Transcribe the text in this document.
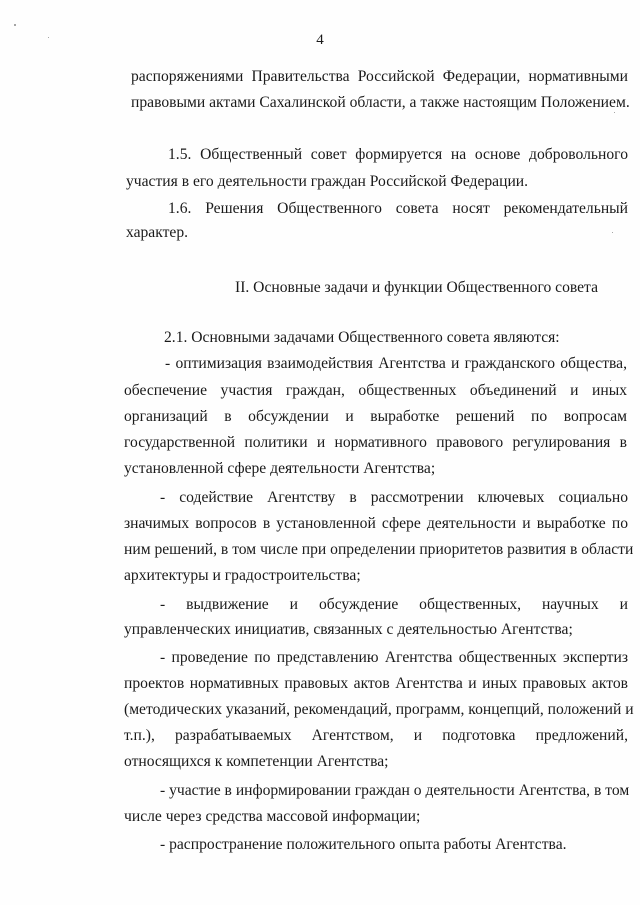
4
распоряжениями Правительства Российской Федерации, нормативными
правовыми актами Сахалинской области, а также настоящим Положением.
1.5. Общественный совет формируется на основе добровольного
участия в его деятельности граждан Российской Федерации.
1.6. Решения Общественного совета носят рекомендательный
характер.
II. Основные задачи и функции Общественного совета
2.1. Основными задачами Общественного совета являются:
- оптимизация взаимодействия Агентства и гражданского общества,
обеспечение участия граждан, общественных объединений и иных
организаций в обсуждении и выработке решений по вопросам
государственной политики и нормативного правового регулирования в
установленной сфере деятельности Агентства;
- содействие Агентству в рассмотрении ключевых социально
значимых вопросов в установленной сфере деятельности и выработке по
ним решений, в том числе при определении приоритетов развития в области
архитектуры и градостроительства;
- выдвижение и обсуждение общественных, научных и
управленческих инициатив, связанных с деятельностью Агентства;
- проведение по представлению Агентства общественных экспертиз
проектов нормативных правовых актов Агентства и иных правовых актов
(методических указаний, рекомендаций, программ, концепций, положений и
т.п.), разрабатываемых Агентством, и подготовка предложений,
относящихся к компетенции Агентства;
- участие в информировании граждан о деятельности Агентства, в том
числе через средства массовой информации;
- распространение положительного опыта работы Агентства.
